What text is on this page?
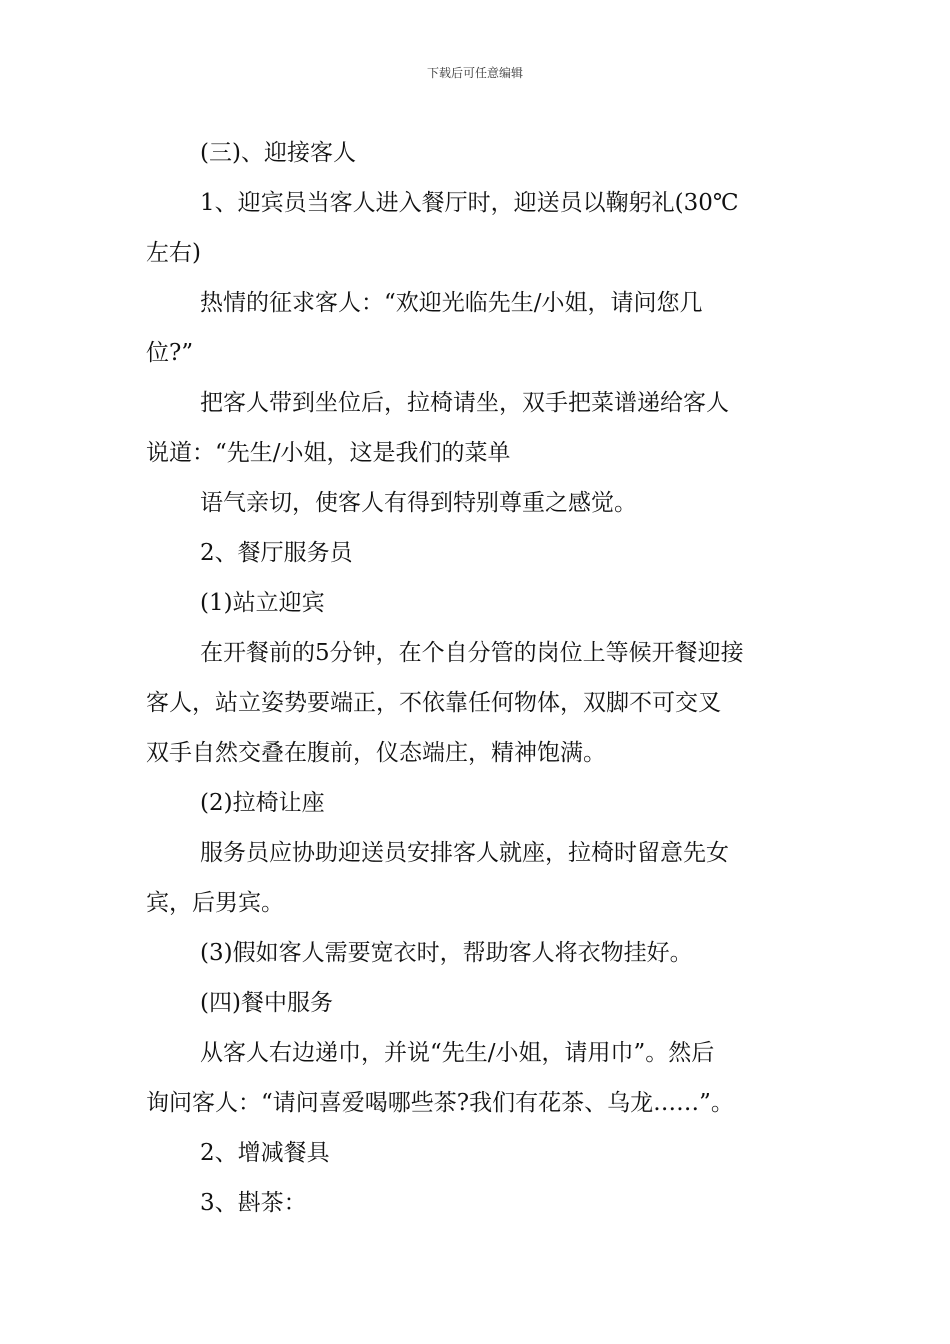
下载后可任意编辑

(三)、迎接客人

1、迎宾员当客人进入餐厅时，迎送员以鞠躬礼(30℃

左右)

热情的征求客人：“欢迎光临先生/小姐，请问您几

位?”

把客人带到坐位后，拉椅请坐，双手把菜谱递给客人

说道：“先生/小姐，这是我们的菜单

语气亲切，使客人有得到特别尊重之感觉。

2、餐厅服务员

(1)站立迎宾

在开餐前的5分钟，在个自分管的岗位上等候开餐迎接

客人，站立姿势要端正，不依靠任何物体，双脚不可交叉

双手自然交叠在腹前，仪态端庄，精神饱满。

(2)拉椅让座

服务员应协助迎送员安排客人就座，拉椅时留意先女

宾，后男宾。

(3)假如客人需要宽衣时，帮助客人将衣物挂好。

(四)餐中服务

从客人右边递巾，并说“先生/小姐，请用巾”。然后

询问客人：“请问喜爱喝哪些茶?我们有花茶、乌龙……”。

2、增减餐具

3、斟茶：
